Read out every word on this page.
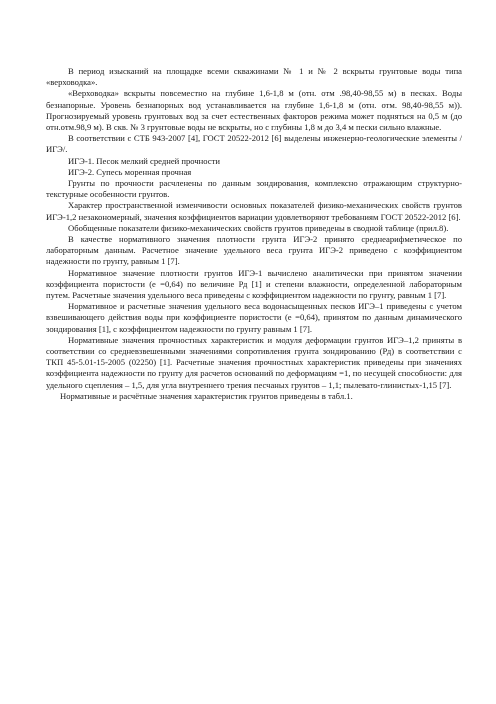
В период изысканий на площадке всеми скважинами № 1 и № 2 вскрыты грунтовые воды типа «верховодка».

«Верховодка» вскрыты повсеместно на глубине 1,6-1,8 м (отн. отм .98,40-98,55 м) в песках. Воды безнапорные. Уровень безнапорных вод устанавливается на глубине 1,6-1,8 м (отн. отм. 98,40-98,55 м)). Прогнозируемый уровень грунтовых вод за счет естественных факторов режима может подняться на 0,5 м (до отн.отм.98,9 м). В скв. № 3 грунтовые воды не вскрыты, но с глубины 1,8 м до 3,4 м пески сильно влажные.

В соответствии с СТБ 943-2007 [4], ГОСТ 20522-2012 [6] выделены инженерно-геологические элементы /ИГЭ/.

ИГЭ-1. Песок мелкий средней прочности

ИГЭ-2. Супесь моренная прочная

Грунты по прочности расчленены по данным зондирования, комплексно отражающим структурно-текстурные особенности грунтов.

Характер пространственной изменчивости основных показателей физико-механических свойств грунтов ИГЭ-1,2 незакономерный, значения коэффициентов вариации удовлетворяют требованиям ГОСТ 20522-2012 [6].

Обобщенные показатели физико-механических свойств грунтов приведены в сводной таблице (прил.8).

В качестве нормативного значения плотности грунта ИГЭ-2 принято среднеарифметическое по лабораторным данным. Расчетное значение удельного веса грунта ИГЭ-2 приведено с коэффициентом надежности по грунту, равным 1 [7].

Нормативное значение плотности грунтов ИГЭ-1 вычислено аналитически при принятом значении коэффициента пористости (е =0,64) по величине Рд [1] и степени влажности, определенной лабораторным путем. Расчетные значения удельного веса приведены с коэффициентом надежности по грунту, равным 1 [7].

Нормативное и расчетные значения удельного веса водонасыщенных песков ИГЭ–1 приведены с учетом взвешивающего действия воды при коэффициенте пористости (е =0,64), принятом по данным динамического зондирования [1], с коэффициентом надежности по грунту равным 1 [7].

Нормативные значения прочностных характеристик и модуля деформации грунтов ИГЭ–1,2 приняты в соответствии со средневзвешенными значениями сопротивления грунта зондированию (Рд) в соответствии с ТКП 45-5.01-15-2005 (02250) [1]. Расчетные значения прочностных характеристик приведены при значениях коэффициента надежности по грунту для расчетов оснований по деформациям =1, по несущей способности: для удельного сцепления – 1,5, для угла внутреннего трения песчаных грунтов – 1,1; пылевато-глинистых-1,15 [7].

Нормативные и расчётные значения характеристик грунтов приведены в табл.1.
